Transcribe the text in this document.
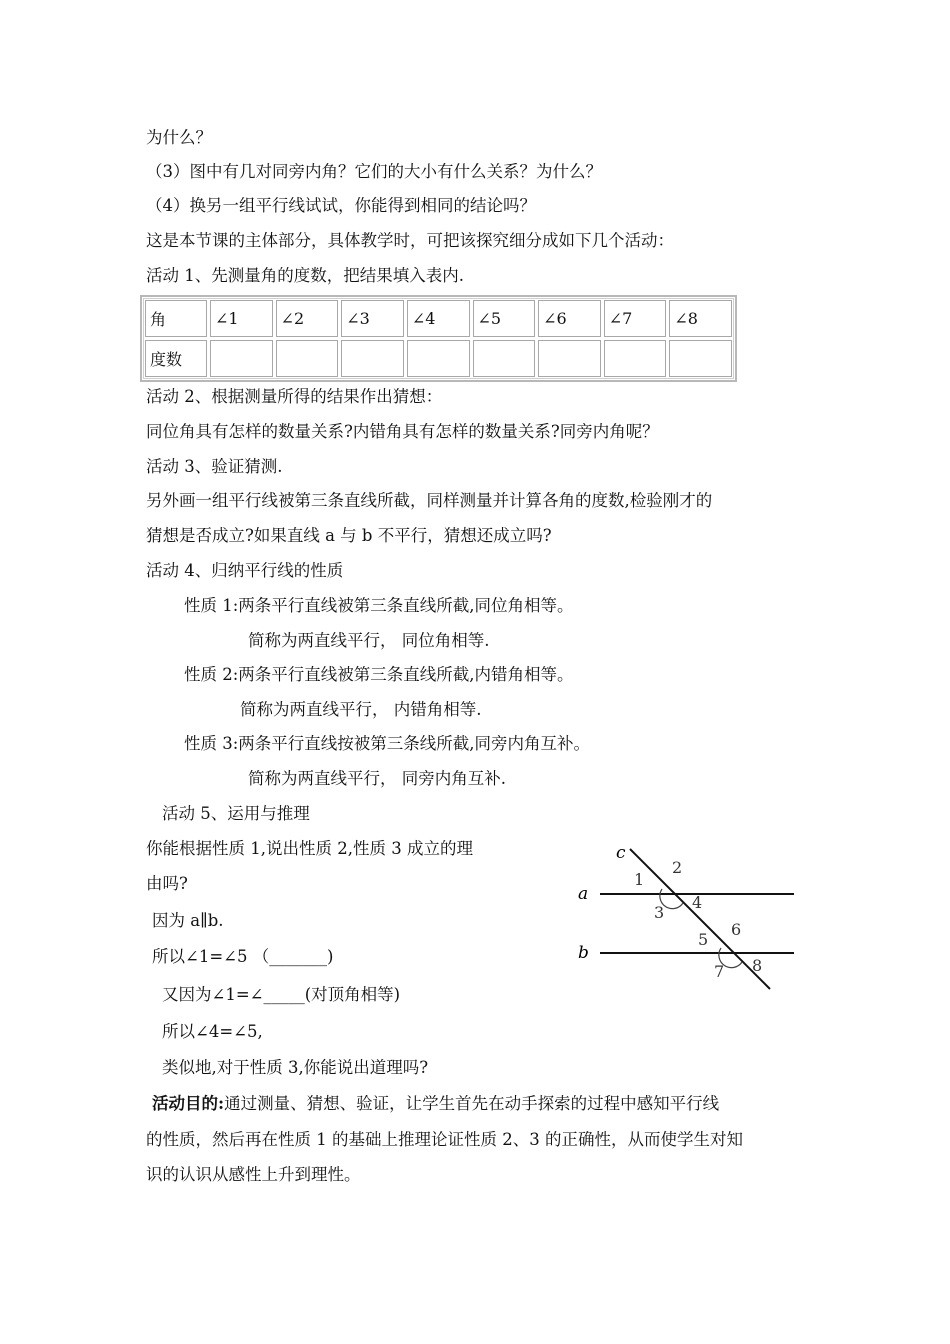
为什么？
（3）图中有几对同旁内角？它们的大小有什么关系？为什么？
（4）换另一组平行线试试，你能得到相同的结论吗？
这是本节课的主体部分，具体教学时，可把该探究细分成如下几个活动：
活动 1、先测量角的度数，把结果填入表内.
角	∠1	∠2	∠3	∠4	∠5	∠6	∠7	∠8
度数								
活动 2、根据测量所得的结果作出猜想：
同位角具有怎样的数量关系?内错角具有怎样的数量关系?同旁内角呢？
活动 3、验证猜测.
另外画一组平行线被第三条直线所截，同样测量并计算各角的度数,检验刚才的
猜想是否成立?如果直线 a 与 b 不平行，猜想还成立吗?
活动 4、归纳平行线的性质
性质 1:两条平行直线被第三条直线所截,同位角相等。
简称为两直线平行， 同位角相等.
性质 2:两条平行直线被第三条直线所截,内错角相等。
简称为两直线平行， 内错角相等.
性质 3:两条平行直线按被第三条线所截,同旁内角互补。
简称为两直线平行， 同旁内角互补.
活动 5、运用与推理
你能根据性质 1,说出性质 2,性质 3 成立的理
由吗?
因为 a∥b.
所以∠1=∠5 （_______)
又因为∠1=∠_____(对顶角相等)
所以∠4=∠5,
类似地,对于性质 3,你能说出道理吗?
活动目的:通过测量、猜想、验证，让学生首先在动手探索的过程中感知平行线
的性质，然后再在性质 1 的基础上推理论证性质 2、3 的正确性，从而使学生对知
识的认识从感性上升到理性。
c
a
b
1
2
3
4
5
6
7 8
